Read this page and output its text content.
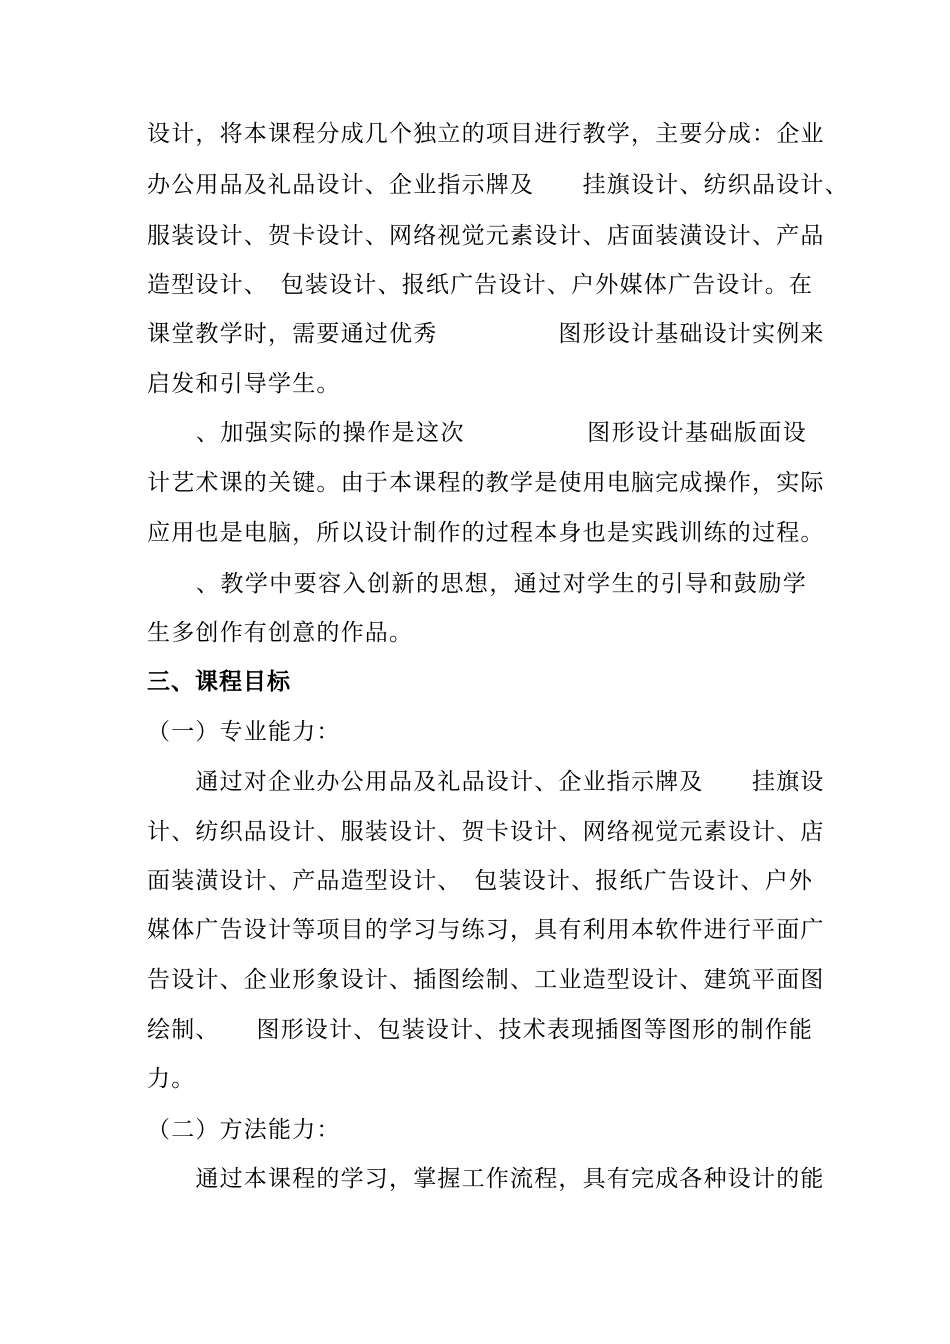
设计，将本课程分成几个独立的项目进行教学，主要分成：企业
办公用品及礼品设计、企业指示牌及　　挂旗设计、纺织品设计、
服装设计、贺卡设计、网络视觉元素设计、店面装潢设计、产品
造型设计、　包装设计、报纸广告设计、户外媒体广告设计。在
课堂教学时，需要通过优秀　　　　　图形设计基础设计实例来
启发和引导学生。
　　、加强实际的操作是这次　　　　　图形设计基础版面设
计艺术课的关键。由于本课程的教学是使用电脑完成操作，实际
应用也是电脑，所以设计制作的过程本身也是实践训练的过程。
　　、教学中要容入创新的思想，通过对学生的引导和鼓励学
生多创作有创意的作品。
三、课程目标
（一）专业能力：
　　通过对企业办公用品及礼品设计、企业指示牌及　　挂旗设
计、纺织品设计、服装设计、贺卡设计、网络视觉元素设计、店
面装潢设计、产品造型设计、　包装设计、报纸广告设计、户外
媒体广告设计等项目的学习与练习，具有利用本软件进行平面广
告设计、企业形象设计、插图绘制、工业造型设计、建筑平面图
绘制、　　图形设计、包装设计、技术表现插图等图形的制作能
力。
（二）方法能力：
　　通过本课程的学习，掌握工作流程，具有完成各种设计的能
